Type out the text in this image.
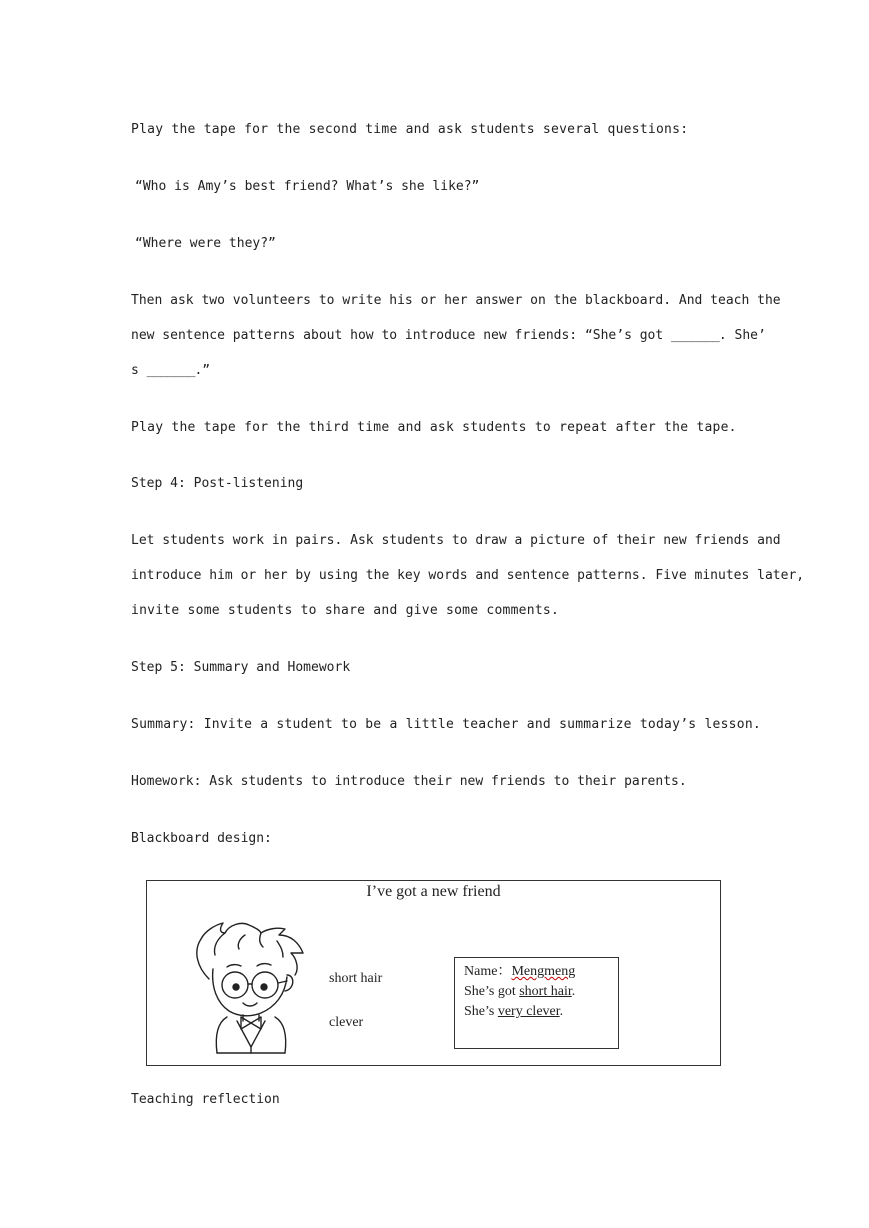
Play the tape for the second time and ask students several questions:
“Who is Amy’s best friend? What’s she like?”
“Where were they?”
Then ask two volunteers to write his or her answer on the blackboard. And teach the
new sentence patterns about how to introduce new friends: “She’s got _______. She’
s _______.”
Play the tape for the third time and ask students to repeat after the tape.
Step 4: Post-listening
Let students work in pairs. Ask students to draw a picture of their new friends and
introduce him or her by using the key words and sentence patterns. Five minutes later,
invite some students to share and give some comments.
Step 5: Summary and Homework
Summary: Invite a student to be a little teacher and summarize today’s lesson.
Homework: Ask students to introduce their new friends to their parents.
Blackboard design:
I’ve got a new friend
short hair
clever
Name：Mengmeng
She’s got short hair.
She’s very clever.
Teaching reflection
